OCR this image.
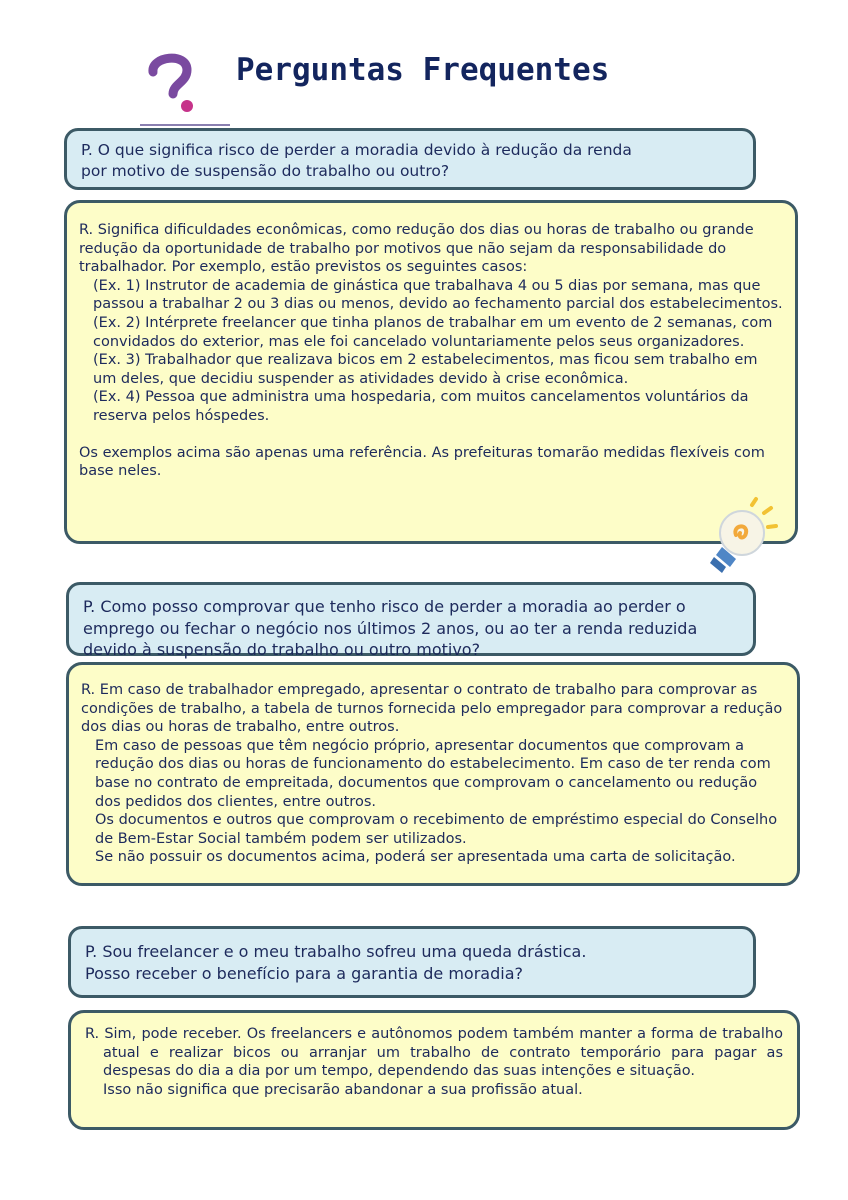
Perguntas Frequentes

P. O que significa risco de perder a moradia devido à redução da renda
por motivo de suspensão do trabalho ou outro?

R. Significa dificuldades econômicas, como redução dos dias ou horas de trabalho ou grande redução da oportunidade de trabalho por motivos que não sejam da responsabilidade do trabalhador. Por exemplo, estão previstos os seguintes casos:

(Ex. 1) Instrutor de academia de ginástica que trabalhava 4 ou 5 dias por semana, mas que passou a trabalhar 2 ou 3 dias ou menos, devido ao fechamento parcial dos estabelecimentos.

(Ex. 2) Intérprete freelancer que tinha planos de trabalhar em um evento de 2 semanas, com convidados do exterior, mas ele foi cancelado voluntariamente pelos seus organizadores.

(Ex. 3) Trabalhador que realizava bicos em 2 estabelecimentos, mas ficou sem trabalho em um deles, que decidiu suspender as atividades devido à crise econômica.

(Ex. 4) Pessoa que administra uma hospedaria, com muitos cancelamentos voluntários da reserva pelos hóspedes.

Os exemplos acima são apenas uma referência. As prefeituras tomarão medidas flexíveis com base neles.

P. Como posso comprovar que tenho risco de perder a moradia ao perder o emprego ou fechar o negócio nos últimos 2 anos, ou ao ter a renda reduzida devido à suspensão do trabalho ou outro motivo?

R. Em caso de trabalhador empregado, apresentar o contrato de trabalho para comprovar as condições de trabalho, a tabela de turnos fornecida pelo empregador para comprovar a redução dos dias ou horas de trabalho, entre outros.

Em caso de pessoas que têm negócio próprio, apresentar documentos que comprovam a redução dos dias ou horas de funcionamento do estabelecimento. Em caso de ter renda com base no contrato de empreitada, documentos que comprovam o cancelamento ou redução dos pedidos dos clientes, entre outros.

Os documentos e outros que comprovam o recebimento de empréstimo especial do Conselho de Bem-Estar Social também podem ser utilizados.

Se não possuir os documentos acima, poderá ser apresentada uma carta de solicitação.

P. Sou freelancer e o meu trabalho sofreu uma queda drástica.
Posso receber o benefício para a garantia de moradia?

R. Sim, pode receber. Os freelancers e autônomos podem também manter a forma de trabalho atual e realizar bicos ou arranjar um trabalho de contrato temporário para pagar as despesas do dia a dia por um tempo, dependendo das suas intenções e situação.

Isso não significa que precisarão abandonar a sua profissão atual.
